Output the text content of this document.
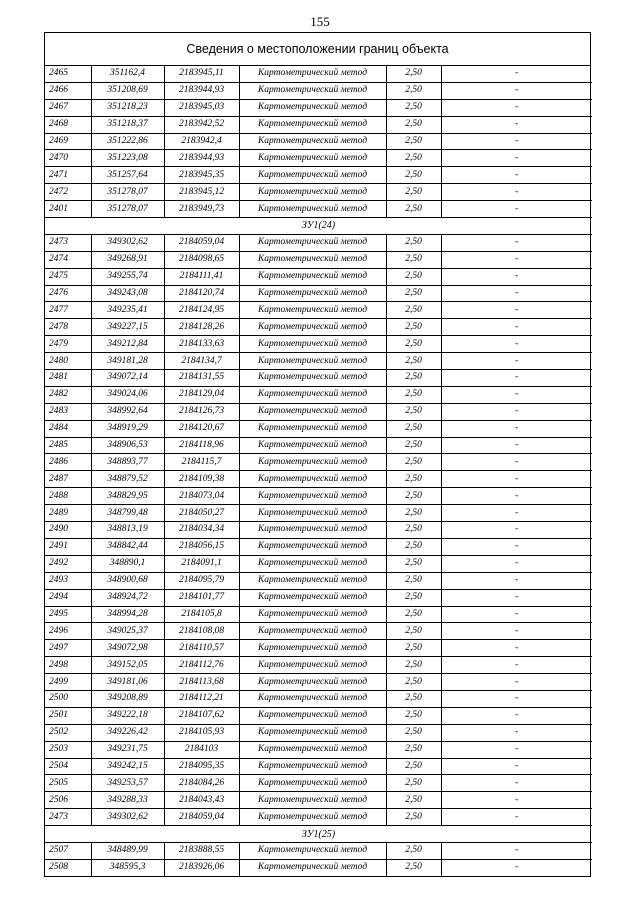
155
Сведения о местоположении границ объекта
2465	351162,4	2183945,11	Картометрический метод	2,50	-
2466	351208,69	2183944,93	Картометрический метод	2,50	-
2467	351218,23	2183945,03	Картометрический метод	2,50	-
2468	351218,37	2183942,52	Картометрический метод	2,50	-
2469	351222,86	2183942,4	Картометрический метод	2,50	-
2470	351223,08	2183944,93	Картометрический метод	2,50	-
2471	351257,64	2183945,35	Картометрический метод	2,50	-
2472	351278,07	2183945,12	Картометрический метод	2,50	-
2401	351278,07	2183949,73	Картометрический метод	2,50	-
ЗУ1(24)					
2473	349302,62	2184059,04	Картометрический метод	2,50	-
2474	349268,91	2184098,65	Картометрический метод	2,50	-
2475	349255,74	2184111,41	Картометрический метод	2,50	-
2476	349243,08	2184120,74	Картометрический метод	2,50	-
2477	349235,41	2184124,95	Картометрический метод	2,50	-
2478	349227,15	2184128,26	Картометрический метод	2,50	-
2479	349212,84	2184133,63	Картометрический метод	2,50	-
2480	349181,28	2184134,7	Картометрический метод	2,50	-
2481	349072,14	2184131,55	Картометрический метод	2,50	-
2482	349024,06	2184129,04	Картометрический метод	2,50	-
2483	348992,64	2184126,73	Картометрический метод	2,50	-
2484	348919,29	2184120,67	Картометрический метод	2,50	-
2485	348906,53	2184118,96	Картометрический метод	2,50	-
2486	348893,77	2184115,7	Картометрический метод	2,50	-
2487	348879,52	2184109,38	Картометрический метод	2,50	-
2488	348829,95	2184073,04	Картометрический метод	2,50	-
2489	348799,48	2184050,27	Картометрический метод	2,50	-
2490	348813,19	2184034,34	Картометрический метод	2,50	-
2491	348842,44	2184056,15	Картометрический метод	2,50	-
2492	348890,1	2184091,1	Картометрический метод	2,50	-
2493	348900,68	2184095,79	Картометрический метод	2,50	-
2494	348924,72	2184101,77	Картометрический метод	2,50	-
2495	348994,28	2184105,8	Картометрический метод	2,50	-
2496	349025,37	2184108,08	Картометрический метод	2,50	-
2497	349072,98	2184110,57	Картометрический метод	2,50	-
2498	349152,05	2184112,76	Картометрический метод	2,50	-
2499	349181,06	2184113,68	Картометрический метод	2,50	-
2500	349208,89	2184112,21	Картометрический метод	2,50	-
2501	349222,18	2184107,62	Картометрический метод	2,50	-
2502	349226,42	2184105,93	Картометрический метод	2,50	-
2503	349231,75	2184103	Картометрический метод	2,50	-
2504	349242,15	2184095,35	Картометрический метод	2,50	-
2505	349253,57	2184084,26	Картометрический метод	2,50	-
2506	349288,33	2184043,43	Картометрический метод	2,50	-
2473	349302,62	2184059,04	Картометрический метод	2,50	-
ЗУ1(25)					
2507	348489,99	2183888,55	Картометрический метод	2,50	-
2508	348595,3	2183926,06	Картометрический метод	2,50	-
